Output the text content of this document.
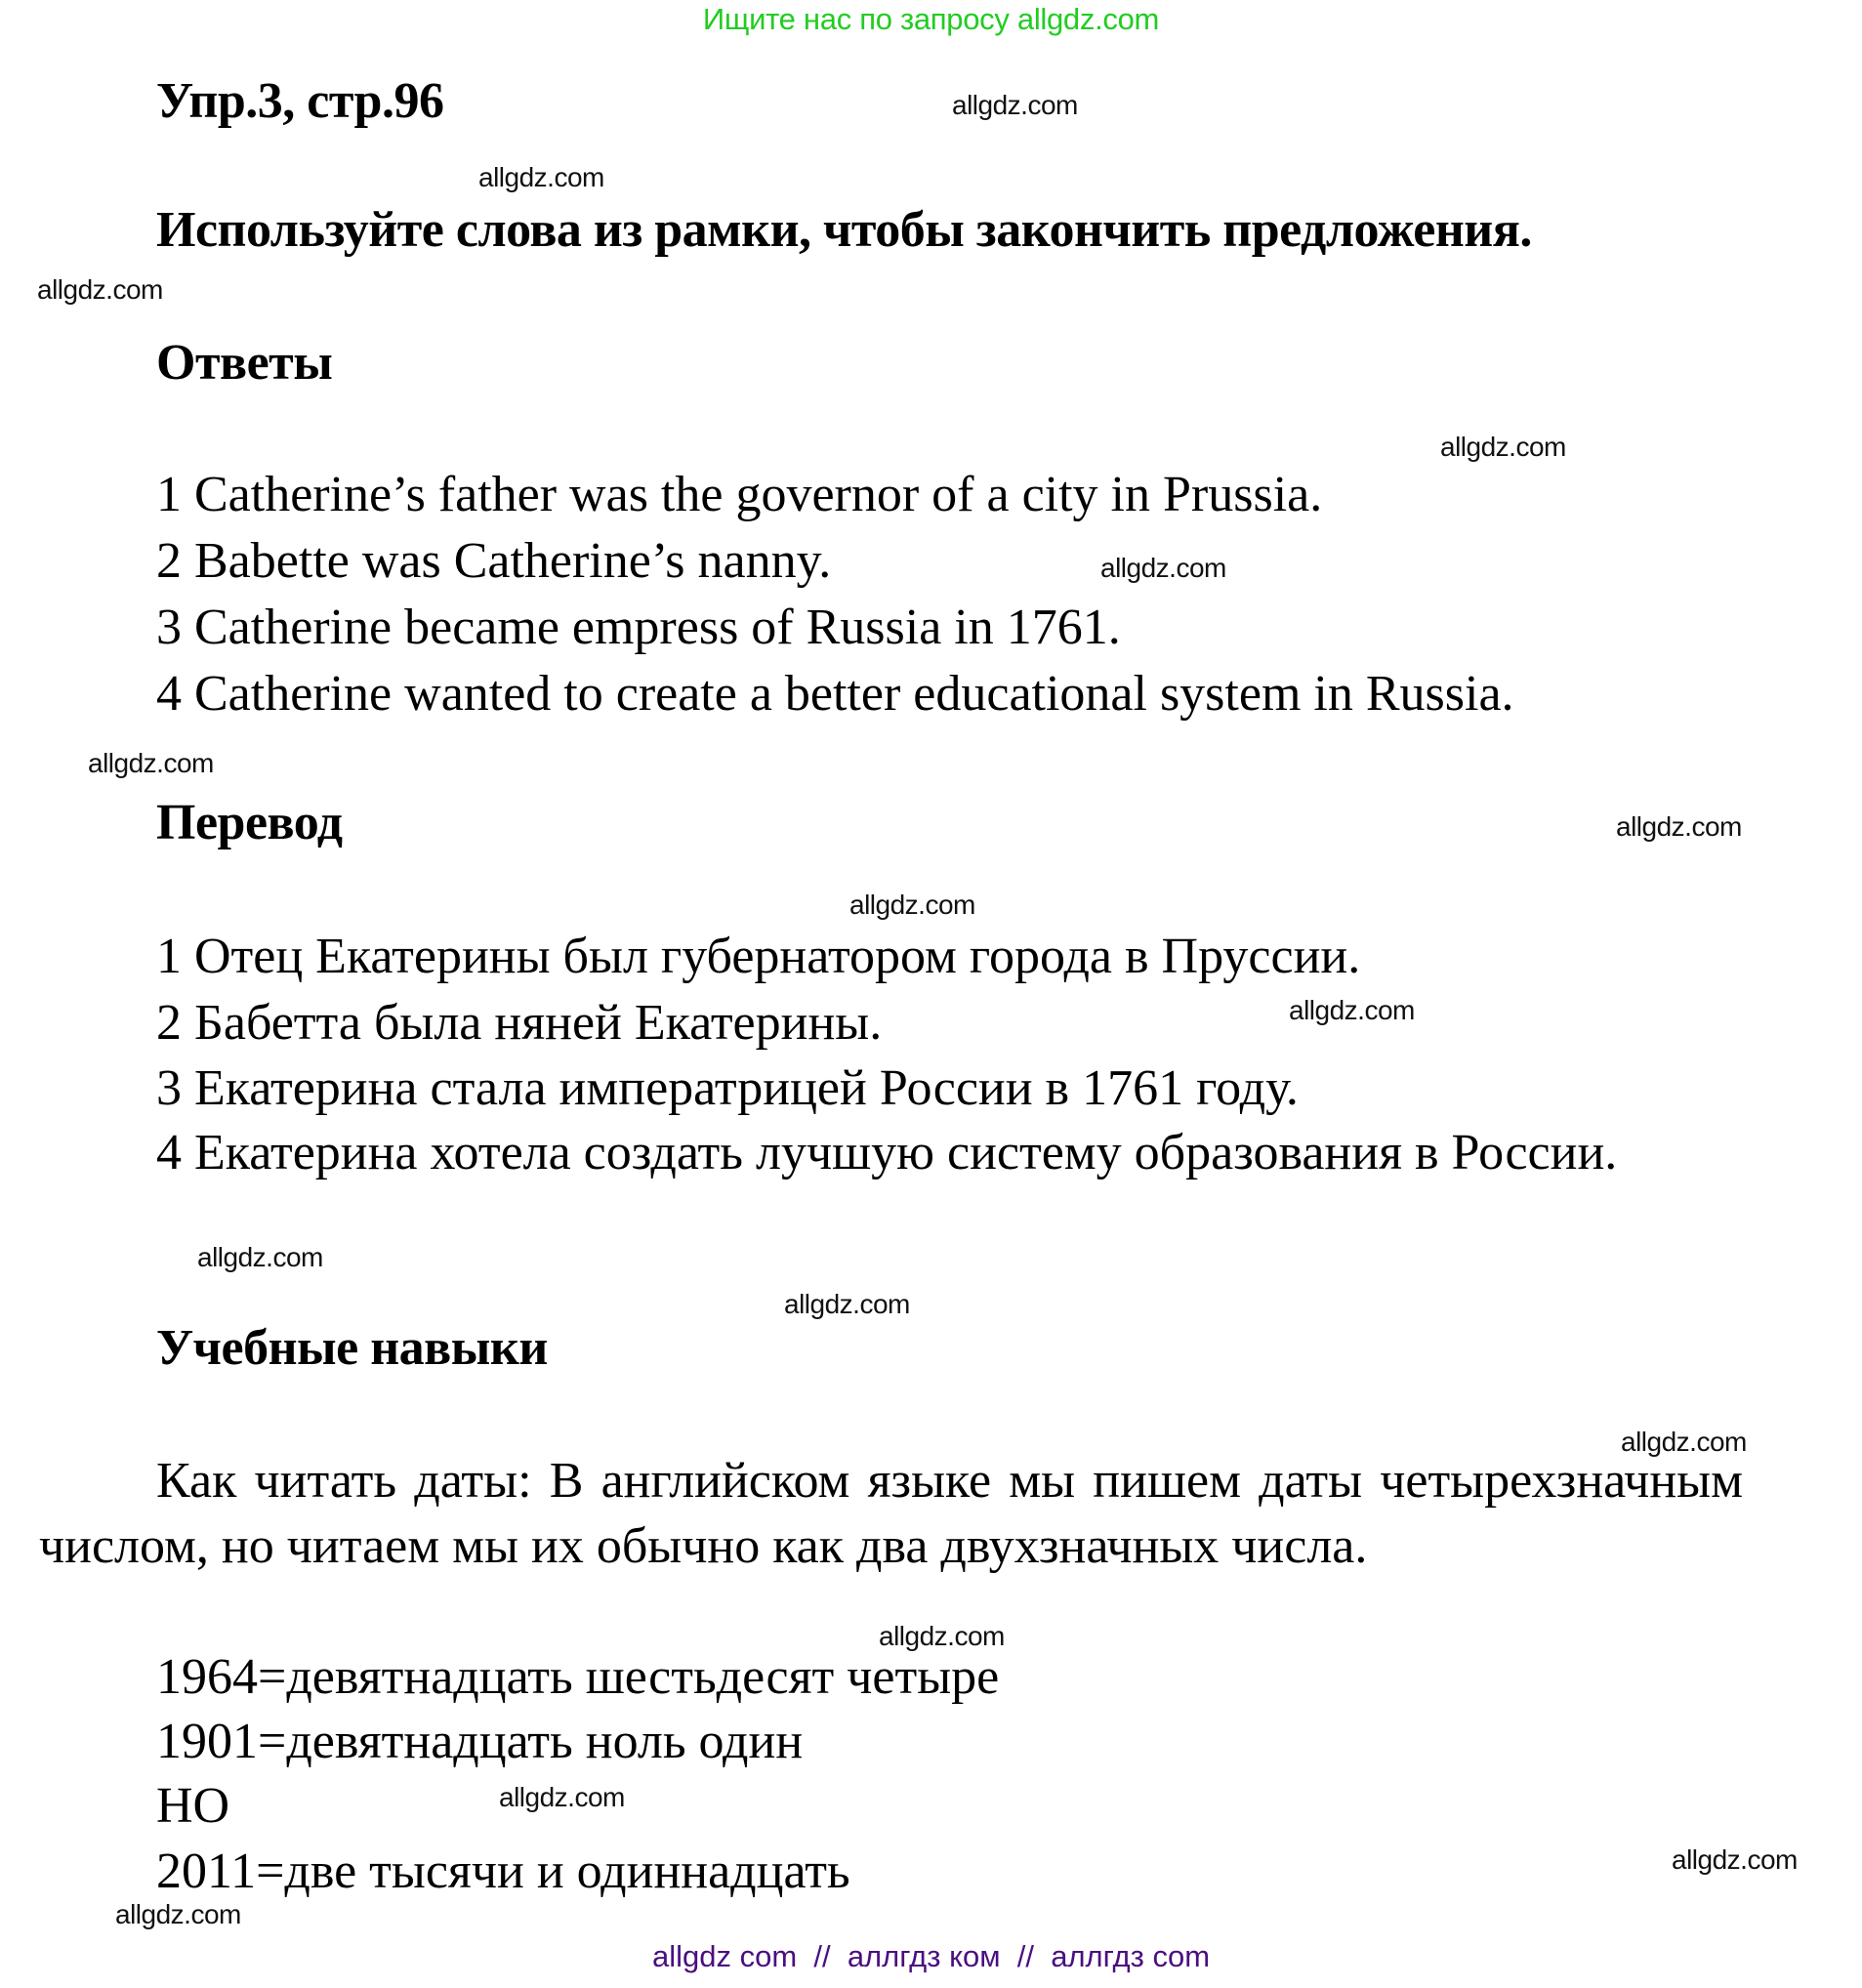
Ищите нас по запросу allgdz.com
Упр.3, стр.96
Используйте слова из рамки, чтобы закончить предложения.
Ответы
1 Catherine’s father was the governor of a city in Prussia.
2 Babette was Catherine’s nanny.
3 Catherine became empress of Russia in 1761.
4 Catherine wanted to create a better educational system in Russia.
Перевод
1 Отец Екатерины был губернатором города в Пруссии.
2 Бабетта была няней Екатерины.
3 Екатерина стала императрицей России в 1761 году.
4 Екатерина хотела создать лучшую систему образования в России.
Учебные навыки
Как читать даты: В английском языке мы пишем даты четырехзначным числом, но читаем мы их обычно как два двухзначных числа.
1964=девятнадцать шестьдесят четыре
1901=девятнадцать ноль один
НО
2011=две тысячи и одиннадцать
allgdz.com
allgdz.com
allgdz.com
allgdz.com
allgdz.com
allgdz.com
allgdz.com
allgdz.com
allgdz.com
allgdz.com
allgdz.com
allgdz.com
allgdz.com
allgdz.com
allgdz.com
allgdz.com
allgdz com  //  аллгдз ком  //  аллгдз com
